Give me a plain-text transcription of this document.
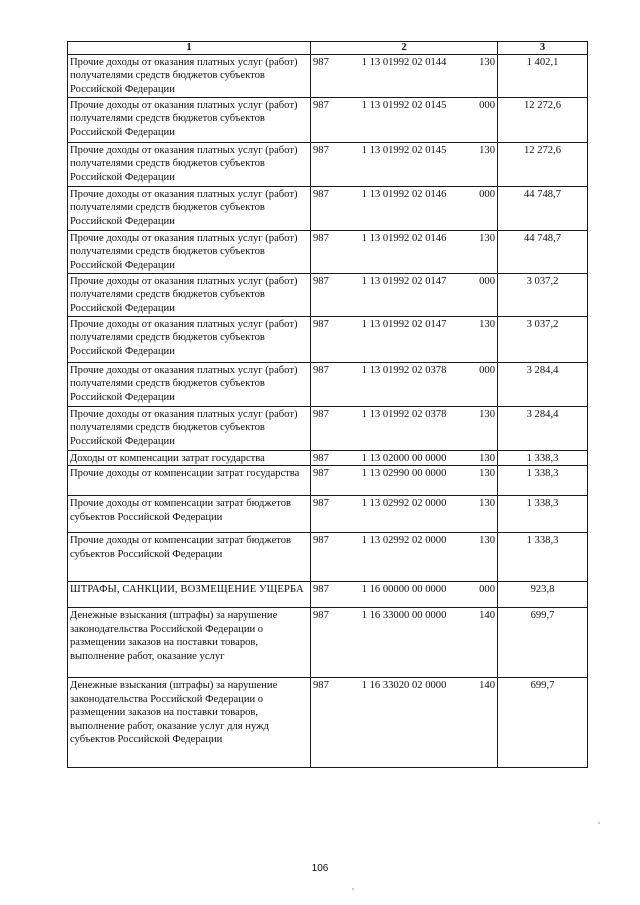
1	2	3
Прочие доходы от оказания платных услуг (работ) получателями средств бюджетов субъектов Российской Федерации	987 1 13 01992 02 0144 130	1 402,1
Прочие доходы от оказания платных услуг (работ) получателями средств бюджетов субъектов Российской Федерации	987 1 13 01992 02 0145 000	12 272,6
Прочие доходы от оказания платных услуг (работ) получателями средств бюджетов субъектов Российской Федерации	987 1 13 01992 02 0145 130	12 272,6
Прочие доходы от оказания платных услуг (работ) получателями средств бюджетов субъектов Российской Федерации	987 1 13 01992 02 0146 000	44 748,7
Прочие доходы от оказания платных услуг (работ) получателями средств бюджетов субъектов Российской Федерации	987 1 13 01992 02 0146 130	44 748,7
Прочие доходы от оказания платных услуг (работ) получателями средств бюджетов субъектов Российской Федерации	987 1 13 01992 02 0147 000	3 037,2
Прочие доходы от оказания платных услуг (работ) получателями средств бюджетов субъектов Российской Федерации	987 1 13 01992 02 0147 130	3 037,2
Прочие доходы от оказания платных услуг (работ) получателями средств бюджетов субъектов Российской Федерации	987 1 13 01992 02 0378 000	3 284,4
Прочие доходы от оказания платных услуг (работ) получателями средств бюджетов субъектов Российской Федерации	987 1 13 01992 02 0378 130	3 284,4
Доходы от компенсации затрат государства	987 1 13 02000 00 0000 130	1 338,3
Прочие доходы от компенсации затрат государства	987 1 13 02990 00 0000 130	1 338,3
Прочие доходы от компенсации затрат бюджетов субъектов Российской Федерации	987 1 13 02992 02 0000 130	1 338,3
Прочие доходы от компенсации затрат бюджетов субъектов Российской Федерации	987 1 13 02992 02 0000 130	1 338,3
ШТРАФЫ, САНКЦИИ, ВОЗМЕЩЕНИЕ УЩЕРБА	987 1 16 00000 00 0000 000	923,8
Денежные взыскания (штрафы) за нарушение законодательства Российской Федерации о размещении заказов на поставки товаров, выполнение работ, оказание услуг	987 1 16 33000 00 0000 140	699,7
Денежные взыскания (штрафы) за нарушение законодательства Российской Федерации о размещении заказов на поставки товаров, выполнение работ, оказание услуг для нужд субъектов Российской Федерации	987 1 16 33020 02 0000 140	699,7
106
